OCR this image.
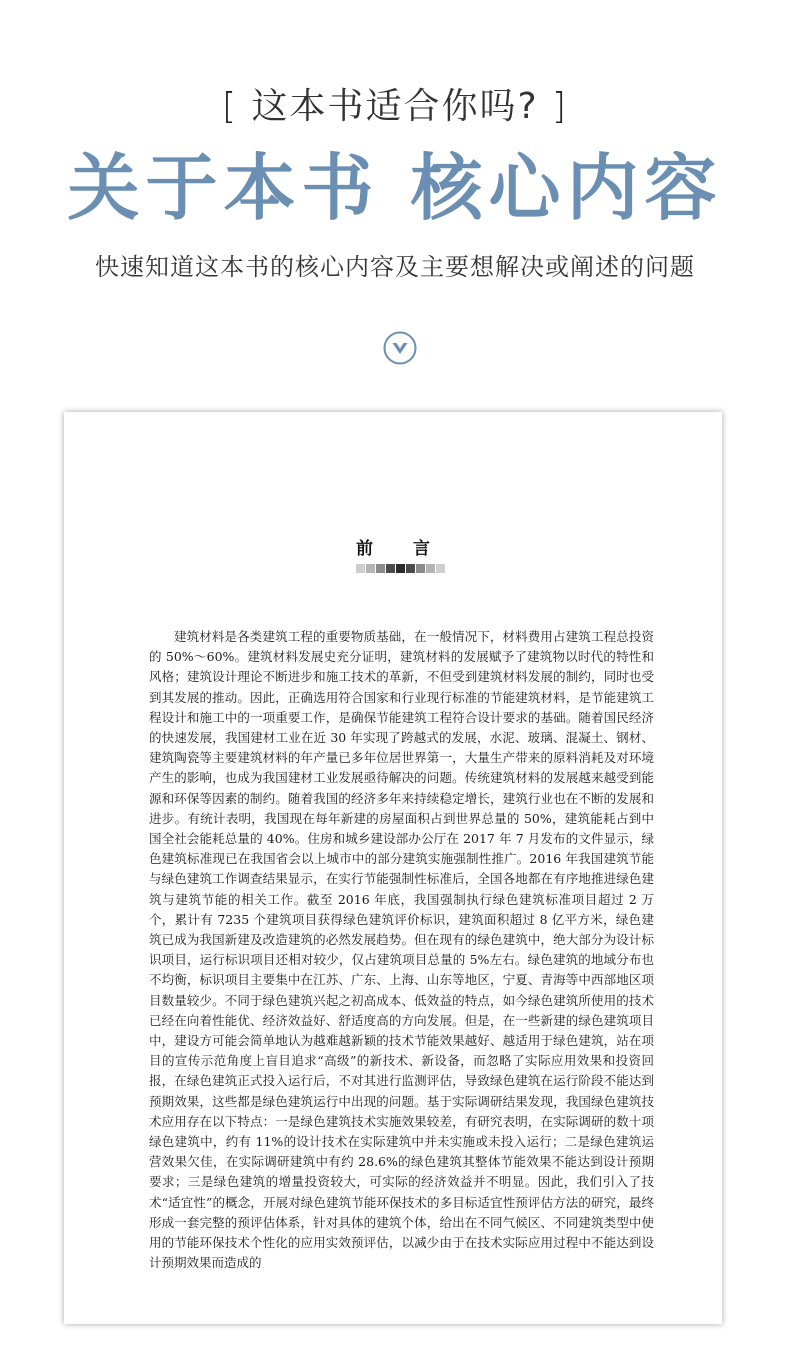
[ 这本书适合你吗? ]
关于本书 核心内容
快速知道这本书的核心内容及主要想解决或阐述的问题
前 言

建筑材料是各类建筑工程的重要物质基础，在一般情况下，材料费用占建筑工程总投资的 50%～60%。建筑材料发展史充分证明，建筑材料的发展赋予了建筑物以时代的特性和风格；建筑设计理论不断进步和施工技术的革新，不但受到建筑材料发展的制约，同时也受到其发展的推动。因此，正确选用符合国家和行业现行标准的节能建筑材料，是节能建筑工程设计和施工中的一项重要工作，是确保节能建筑工程符合设计要求的基础。随着国民经济的快速发展，我国建材工业在近 30 年实现了跨越式的发展，水泥、玻璃、混凝土、钢材、建筑陶瓷等主要建筑材料的年产量已多年位居世界第一，大量生产带来的原料消耗及对环境产生的影响，也成为我国建材工业发展亟待解决的问题。传统建筑材料的发展越来越受到能源和环保等因素的制约。随着我国的经济多年来持续稳定增长，建筑行业也在不断的发展和进步。有统计表明，我国现在每年新建的房屋面积占到世界总量的 50%，建筑能耗占到中国全社会能耗总量的 40%。住房和城乡建设部办公厅在 2017 年 7 月发布的文件显示，绿色建筑标准现已在我国省会以上城市中的部分建筑实施强制性推广。2016 年我国建筑节能与绿色建筑工作调查结果显示，在实行节能强制性标准后，全国各地都在有序地推进绿色建筑与建筑节能的相关工作。截至 2016 年底，我国强制执行绿色建筑标准项目超过 2 万个，累计有 7235 个建筑项目获得绿色建筑评价标识，建筑面积超过 8 亿平方米，绿色建筑已成为我国新建及改造建筑的必然发展趋势。但在现有的绿色建筑中，绝大部分为设计标识项目，运行标识项目还相对较少，仅占建筑项目总量的 5%左右。绿色建筑的地域分布也不均衡，标识项目主要集中在江苏、广东、上海、山东等地区，宁夏、青海等中西部地区项目数量较少。不同于绿色建筑兴起之初高成本、低效益的特点，如今绿色建筑所使用的技术已经在向着性能优、经济效益好、舒适度高的方向发展。但是，在一些新建的绿色建筑项目中，建设方可能会简单地认为越难越新颖的技术节能效果越好、越适用于绿色建筑，站在项目的宣传示范角度上盲目追求“高级”的新技术、新设备，而忽略了实际应用效果和投资回报，在绿色建筑正式投入运行后，不对其进行监测评估，导致绿色建筑在运行阶段不能达到预期效果，这些都是绿色建筑运行中出现的问题。基于实际调研结果发现，我国绿色建筑技术应用存在以下特点：一是绿色建筑技术实施效果较差，有研究表明，在实际调研的数十项绿色建筑中，约有 11%的设计技术在实际建筑中并未实施或未投入运行；二是绿色建筑运营效果欠佳，在实际调研建筑中有约 28.6%的绿色建筑其整体节能效果不能达到设计预期要求；三是绿色建筑的增量投资较大，可实际的经济效益并不明显。因此，我们引入了技术“适宜性”的概念，开展对绿色建筑节能环保技术的多目标适宜性预评估方法的研究，最终形成一套完整的预评估体系，针对具体的建筑个体，给出在不同气候区、不同建筑类型中使用的节能环保技术个性化的应用实效预评估，以减少由于在技术实际应用过程中不能达到设计预期效果而造成的
